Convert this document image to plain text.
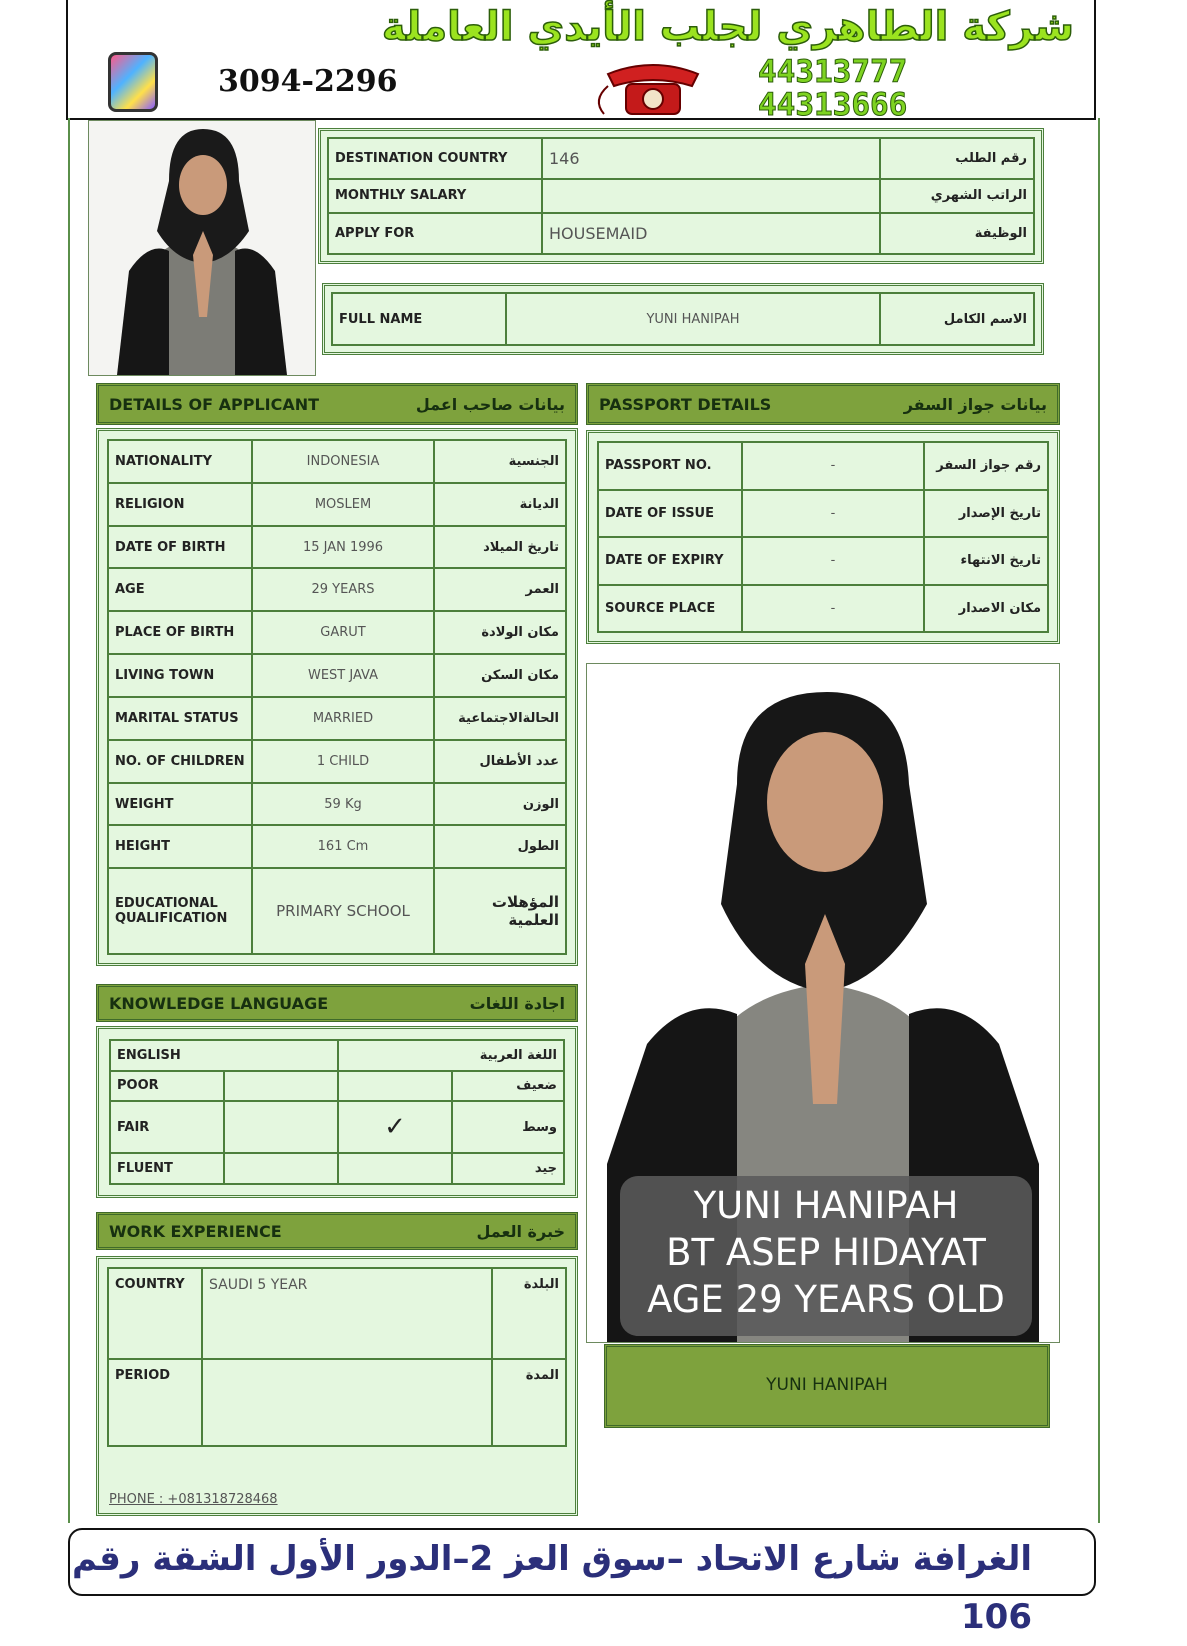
شركة الطاهري لجلب الأيدي العاملة
3094-2296	44313777
44313666
DESTINATION COUNTRY	146	رقم الطلب
MONTHLY SALARY		الراتب الشهري
APPLY FOR	HOUSEMAID	الوظيفة
FULL NAME	YUNI HANIPAH	الاسم الكامل
DETAILS OF APPLICANT	بيانات صاحب اعمل
NATIONALITY	INDONESIA	الجنسية
RELIGION	MOSLEM	الديانة
DATE OF BIRTH	15 JAN 1996	تاريخ الميلاد
AGE	29 YEARS	العمر
PLACE OF BIRTH	GARUT	مكان الولادة
LIVING TOWN	WEST JAVA	مكان السكن
MARITAL STATUS	MARRIED	الحالةالاجتماعية
NO. OF CHILDREN	1 CHILD	عدد الأطفال
WEIGHT	59 Kg	الوزن
HEIGHT	161 Cm	الطول
EDUCATIONAL QUALIFICATION	PRIMARY SCHOOL	المؤهلات العلمية
PASSPORT DETAILS	بيانات جواز السفر
PASSPORT NO.	-	رقم جواز السفر
DATE OF ISSUE	-	تاريخ الإصدار
DATE OF EXPIRY	-	تاريخ الانتهاء
SOURCE PLACE	-	مكان الاصدار
KNOWLEDGE LANGUAGE	اجادة اللغات
ENGLISH		اللغة العربية	
POOR			ضعيف
FAIR		✓	وسط
FLUENT			جيد
WORK EXPERIENCE	خبرة العمل
COUNTRY	SAUDI 5 YEAR	البلدة
PERIOD		المدة
PHONE : +081318728468
YUNI HANIPAH
BT ASEP HIDAYAT
AGE 29 YEARS OLD
YUNI HANIPAH
الغرافة شارع الاتحاد –سوق العز 2–الدور الأول الشقة رقم 106
